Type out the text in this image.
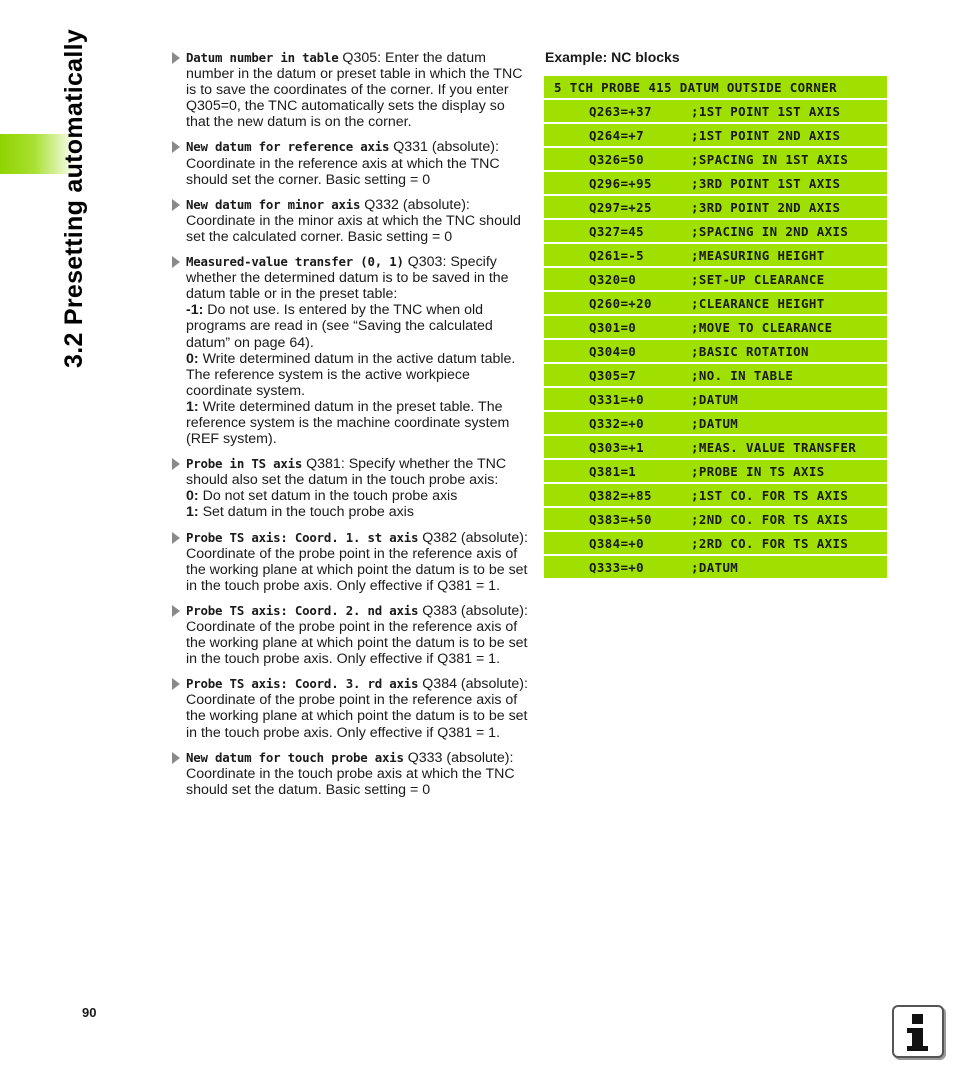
3.2 Presetting automatically	Datum number in table Q305: Enter the datum number in the datum or preset table in which the TNC is to save the coordinates of the corner. If you enter Q305=0, the TNC automatically sets the display so that the new datum is on the corner.
New datum for reference axis Q331 (absolute): Coordinate in the reference axis at which the TNC should set the corner. Basic setting = 0
New datum for minor axis Q332 (absolute): Coordinate in the minor axis at which the TNC should set the calculated corner. Basic setting = 0
Measured-value transfer (0, 1) Q303: Specify whether the determined datum is to be saved in the datum table or in the preset table:
-1: Do not use. Is entered by the TNC when old programs are read in (see “Saving the calculated datum” on page 64).
0: Write determined datum in the active datum table. The reference system is the active workpiece coordinate system.
1: Write determined datum in the preset table. The reference system is the machine coordinate system (REF system).
Probe in TS axis Q381: Specify whether the TNC should also set the datum in the touch probe axis:
0: Do not set datum in the touch probe axis
1: Set datum in the touch probe axis
Probe TS axis: Coord. 1. st axis Q382 (absolute): Coordinate of the probe point in the reference axis of the working plane at which point the datum is to be set in the touch probe axis. Only effective if Q381 = 1.
Probe TS axis: Coord. 2. nd axis Q383 (absolute): Coordinate of the probe point in the reference axis of the working plane at which point the datum is to be set in the touch probe axis. Only effective if Q381 = 1.
Probe TS axis: Coord. 3. rd axis Q384 (absolute): Coordinate of the probe point in the reference axis of the working plane at which point the datum is to be set in the touch probe axis. Only effective if Q381 = 1.
New datum for touch probe axis Q333 (absolute): Coordinate in the touch probe axis at which the TNC should set the datum. Basic setting = 0
Example: NC blocks
5 TCH PROBE 415 DATUM OUTSIDE CORNER
Q263=+37	;1ST POINT 1ST AXIS
Q264=+7	;1ST POINT 2ND AXIS
Q326=50	;SPACING IN 1ST AXIS
Q296=+95	;3RD POINT 1ST AXIS
Q297=+25	;3RD POINT 2ND AXIS
Q327=45	;SPACING IN 2ND AXIS
Q261=-5	;MEASURING HEIGHT
Q320=0	;SET-UP CLEARANCE
Q260=+20	;CLEARANCE HEIGHT
Q301=0	;MOVE TO CLEARANCE
Q304=0	;BASIC ROTATION
Q305=7	;NO. IN TABLE
Q331=+0	;DATUM
Q332=+0	;DATUM
Q303=+1	;MEAS. VALUE TRANSFER
Q381=1	;PROBE IN TS AXIS
Q382=+85	;1ST CO. FOR TS AXIS
Q383=+50	;2ND CO. FOR TS AXIS
Q384=+0	;2RD CO. FOR TS AXIS
Q333=+0	;DATUM
90
